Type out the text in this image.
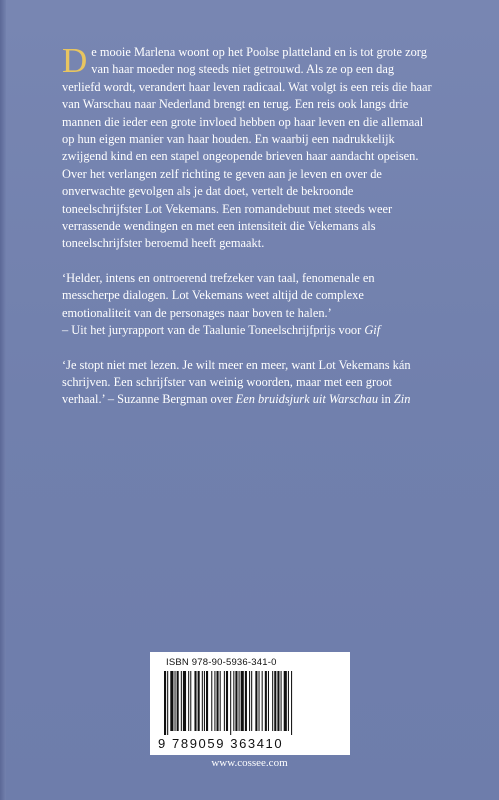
De mooie Marlena woont op het Poolse platteland en is tot grote zorg van haar moeder nog steeds niet getrouwd. Als ze op een dag verliefd wordt, verandert haar leven radicaal. Wat volgt is een reis die haar van Warschau naar Nederland brengt en terug. Een reis ook langs drie mannen die ieder een grote invloed hebben op haar leven en die allemaal op hun eigen manier van haar houden. En waarbij een nadrukkelijk zwijgend kind en een stapel ongeopende brieven haar aandacht opeisen.

Over het verlangen zelf richting te geven aan je leven en over de onverwachte gevolgen als je dat doet, vertelt de bekroonde toneelschrijfster Lot Vekemans. Een romandebuut met steeds weer verrassende wendingen en met een intensiteit die Vekemans als toneelschrijfster beroemd heeft gemaakt.

‘Helder, intens en ontroerend trefzeker van taal, fenomenale en messcherpe dialogen. Lot Vekemans weet altijd de complexe emotionaliteit van de personages naar boven te halen.’
– Uit het juryrapport van de Taalunie Toneelschrijfprijs voor Gif

‘Je stopt niet met lezen. Je wilt meer en meer, want Lot Vekemans kán schrijven. Een schrijfster van weinig woorden, maar met een groot verhaal.’ – Suzanne Bergman over Een bruidsjurk uit Warschau in Zin

ISBN 978-90-5936-341-0
9 789059 363410
www.cossee.com
